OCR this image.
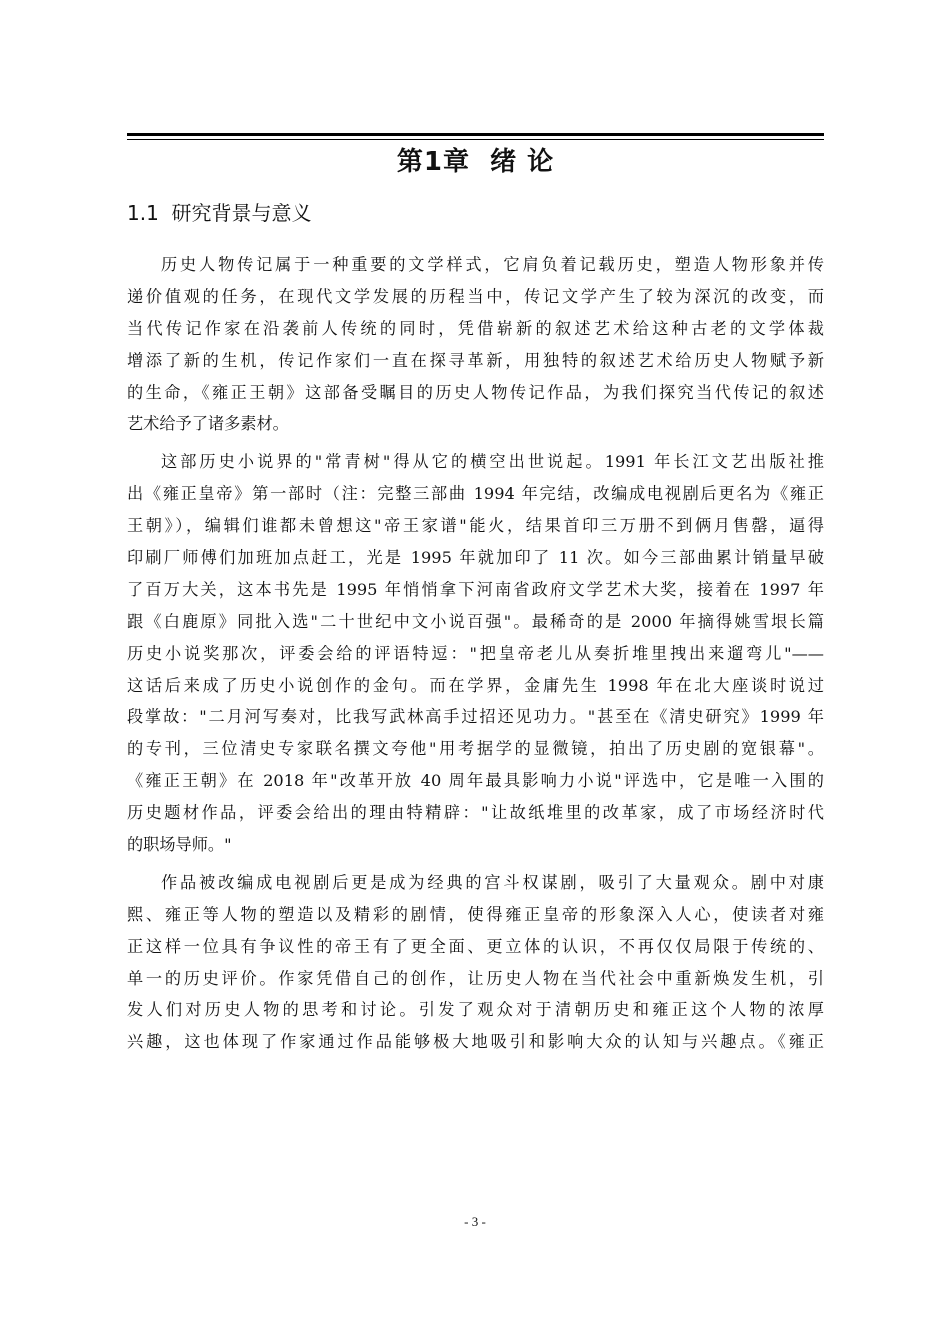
第1章  绪 论
1.1  研究背景与意义
历史人物传记属于一种重要的文学样式，它肩负着记载历史，塑造人物形象并传
递价值观的任务，在现代文学发展的历程当中，传记文学产生了较为深沉的改变，而
当代传记作家在沿袭前人传统的同时，凭借崭新的叙述艺术给这种古老的文学体裁
增添了新的生机，传记作家们一直在探寻革新，用独特的叙述艺术给历史人物赋予新
的生命，《雍正王朝》这部备受瞩目的历史人物传记作品，为我们探究当代传记的叙述
艺术给予了诸多素材。
这部历史小说界的"常青树"得从它的横空出世说起。1991 年长江文艺出版社推
出《雍正皇帝》第一部时（注：完整三部曲 1994 年完结，改编成电视剧后更名为《雍正
王朝》），编辑们谁都未曾想这"帝王家谱"能火，结果首印三万册不到俩月售罄，逼得
印刷厂师傅们加班加点赶工，光是 1995 年就加印了 11 次。如今三部曲累计销量早破
了百万大关，这本书先是 1995 年悄悄拿下河南省政府文学艺术大奖，接着在 1997 年
跟《白鹿原》同批入选"二十世纪中文小说百强"。最稀奇的是 2000 年摘得姚雪垠长篇
历史小说奖那次，评委会给的评语特逗："把皇帝老儿从奏折堆里拽出来遛弯儿"——
这话后来成了历史小说创作的金句。而在学界，金庸先生 1998 年在北大座谈时说过
段掌故："二月河写奏对，比我写武林高手过招还见功力。"甚至在《清史研究》1999 年
的专刊，三位清史专家联名撰文夸他"用考据学的显微镜，拍出了历史剧的宽银幕"。
《雍正王朝》在 2018 年"改革开放 40 周年最具影响力小说"评选中，它是唯一入围的
历史题材作品，评委会给出的理由特精辟："让故纸堆里的改革家，成了市场经济时代
的职场导师。"
作品被改编成电视剧后更是成为经典的宫斗权谋剧，吸引了大量观众。剧中对康
熙、雍正等人物的塑造以及精彩的剧情，使得雍正皇帝的形象深入人心，使读者对雍
正这样一位具有争议性的帝王有了更全面、更立体的认识，不再仅仅局限于传统的、
单一的历史评价。作家凭借自己的创作，让历史人物在当代社会中重新焕发生机，引
发人们对历史人物的思考和讨论。引发了观众对于清朝历史和雍正这个人物的浓厚
兴趣，这也体现了作家通过作品能够极大地吸引和影响大众的认知与兴趣点。《雍正
- 3 -
